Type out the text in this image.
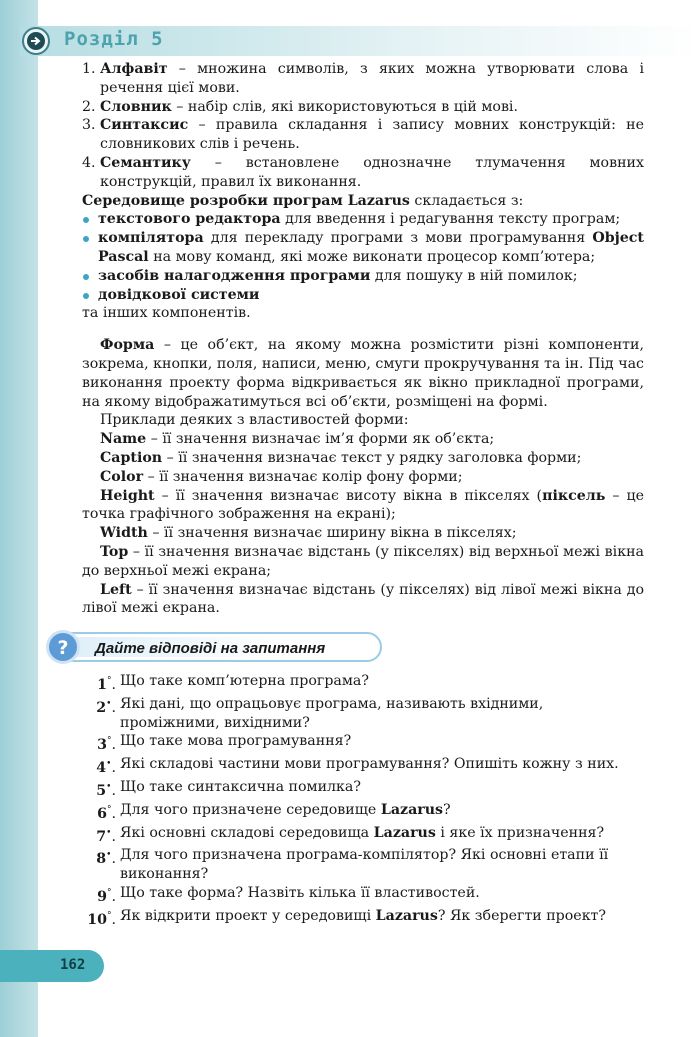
Розділ 5
1. Алфавіт – множина символів, з яких можна утворювати слова і речення цієї мови.
2. Словник – набір слів, які використовуються в цій мові.
3. Синтаксис – правила складання і запису мовних конструкцій: не словникових слів і речень.
4. Семантику – встановлене однозначне тлумачення мовних конструкцій, правил їх виконання.

Середовище розробки програм Lazarus складається з:

текстового редактора для введення і редагування тексту програм;
компілятора для перекладу програми з мови програмування Object Pascal на мову команд, які може виконати процесор комп’ютера;
засобів налагодження програми для пошуку в ній помилок;
довідкової системи

та інших компонентів.

Форма – це об’єкт, на якому можна розмістити різні компоненти, зокрема, кнопки, поля, написи, меню, смуги прокручування та ін. Під час виконання проекту форма відкривається як вікно прикладної програми, на якому відображатимуться всі об’єкти, розміщені на формі.

Приклади деяких з властивостей форми:

Name – її значення визначає ім’я форми як об’єкта;

Caption – її значення визначає текст у рядку заголовка форми;

Color – її значення визначає колір фону форми;

Height – її значення визначає висоту вікна в пікселях (піксель – це точка графічного зображення на екрані);

Width – її значення визначає ширину вікна в пікселях;

Top – її значення визначає відстань (у пікселях) від верхньої межі вікна до верхньої межі екрана;

Left – її значення визначає відстань (у пікселях) від лівої межі вікна до лівої межі екрана.

? Дайте відповіді на запитання
1°. Що таке комп’ютерна програма?
2•. Які дані, що опрацьовує програма, називають вхідними, проміжними, вихідними?
3°. Що таке мова програмування?
4•. Які складові частини мови програмування? Опишіть кожну з них.
5•. Що таке синтаксична помилка?
6°. Для чого призначене середовище Lazarus?
7•. Які основні складові середовища Lazarus і яке їх призначення?
8•. Для чого призначена програма-компілятор? Які основні етапи її виконання?
9°. Що таке форма? Назвіть кілька її властивостей.
10°. Як відкрити проект у середовищі Lazarus? Як зберегти проект?
162
